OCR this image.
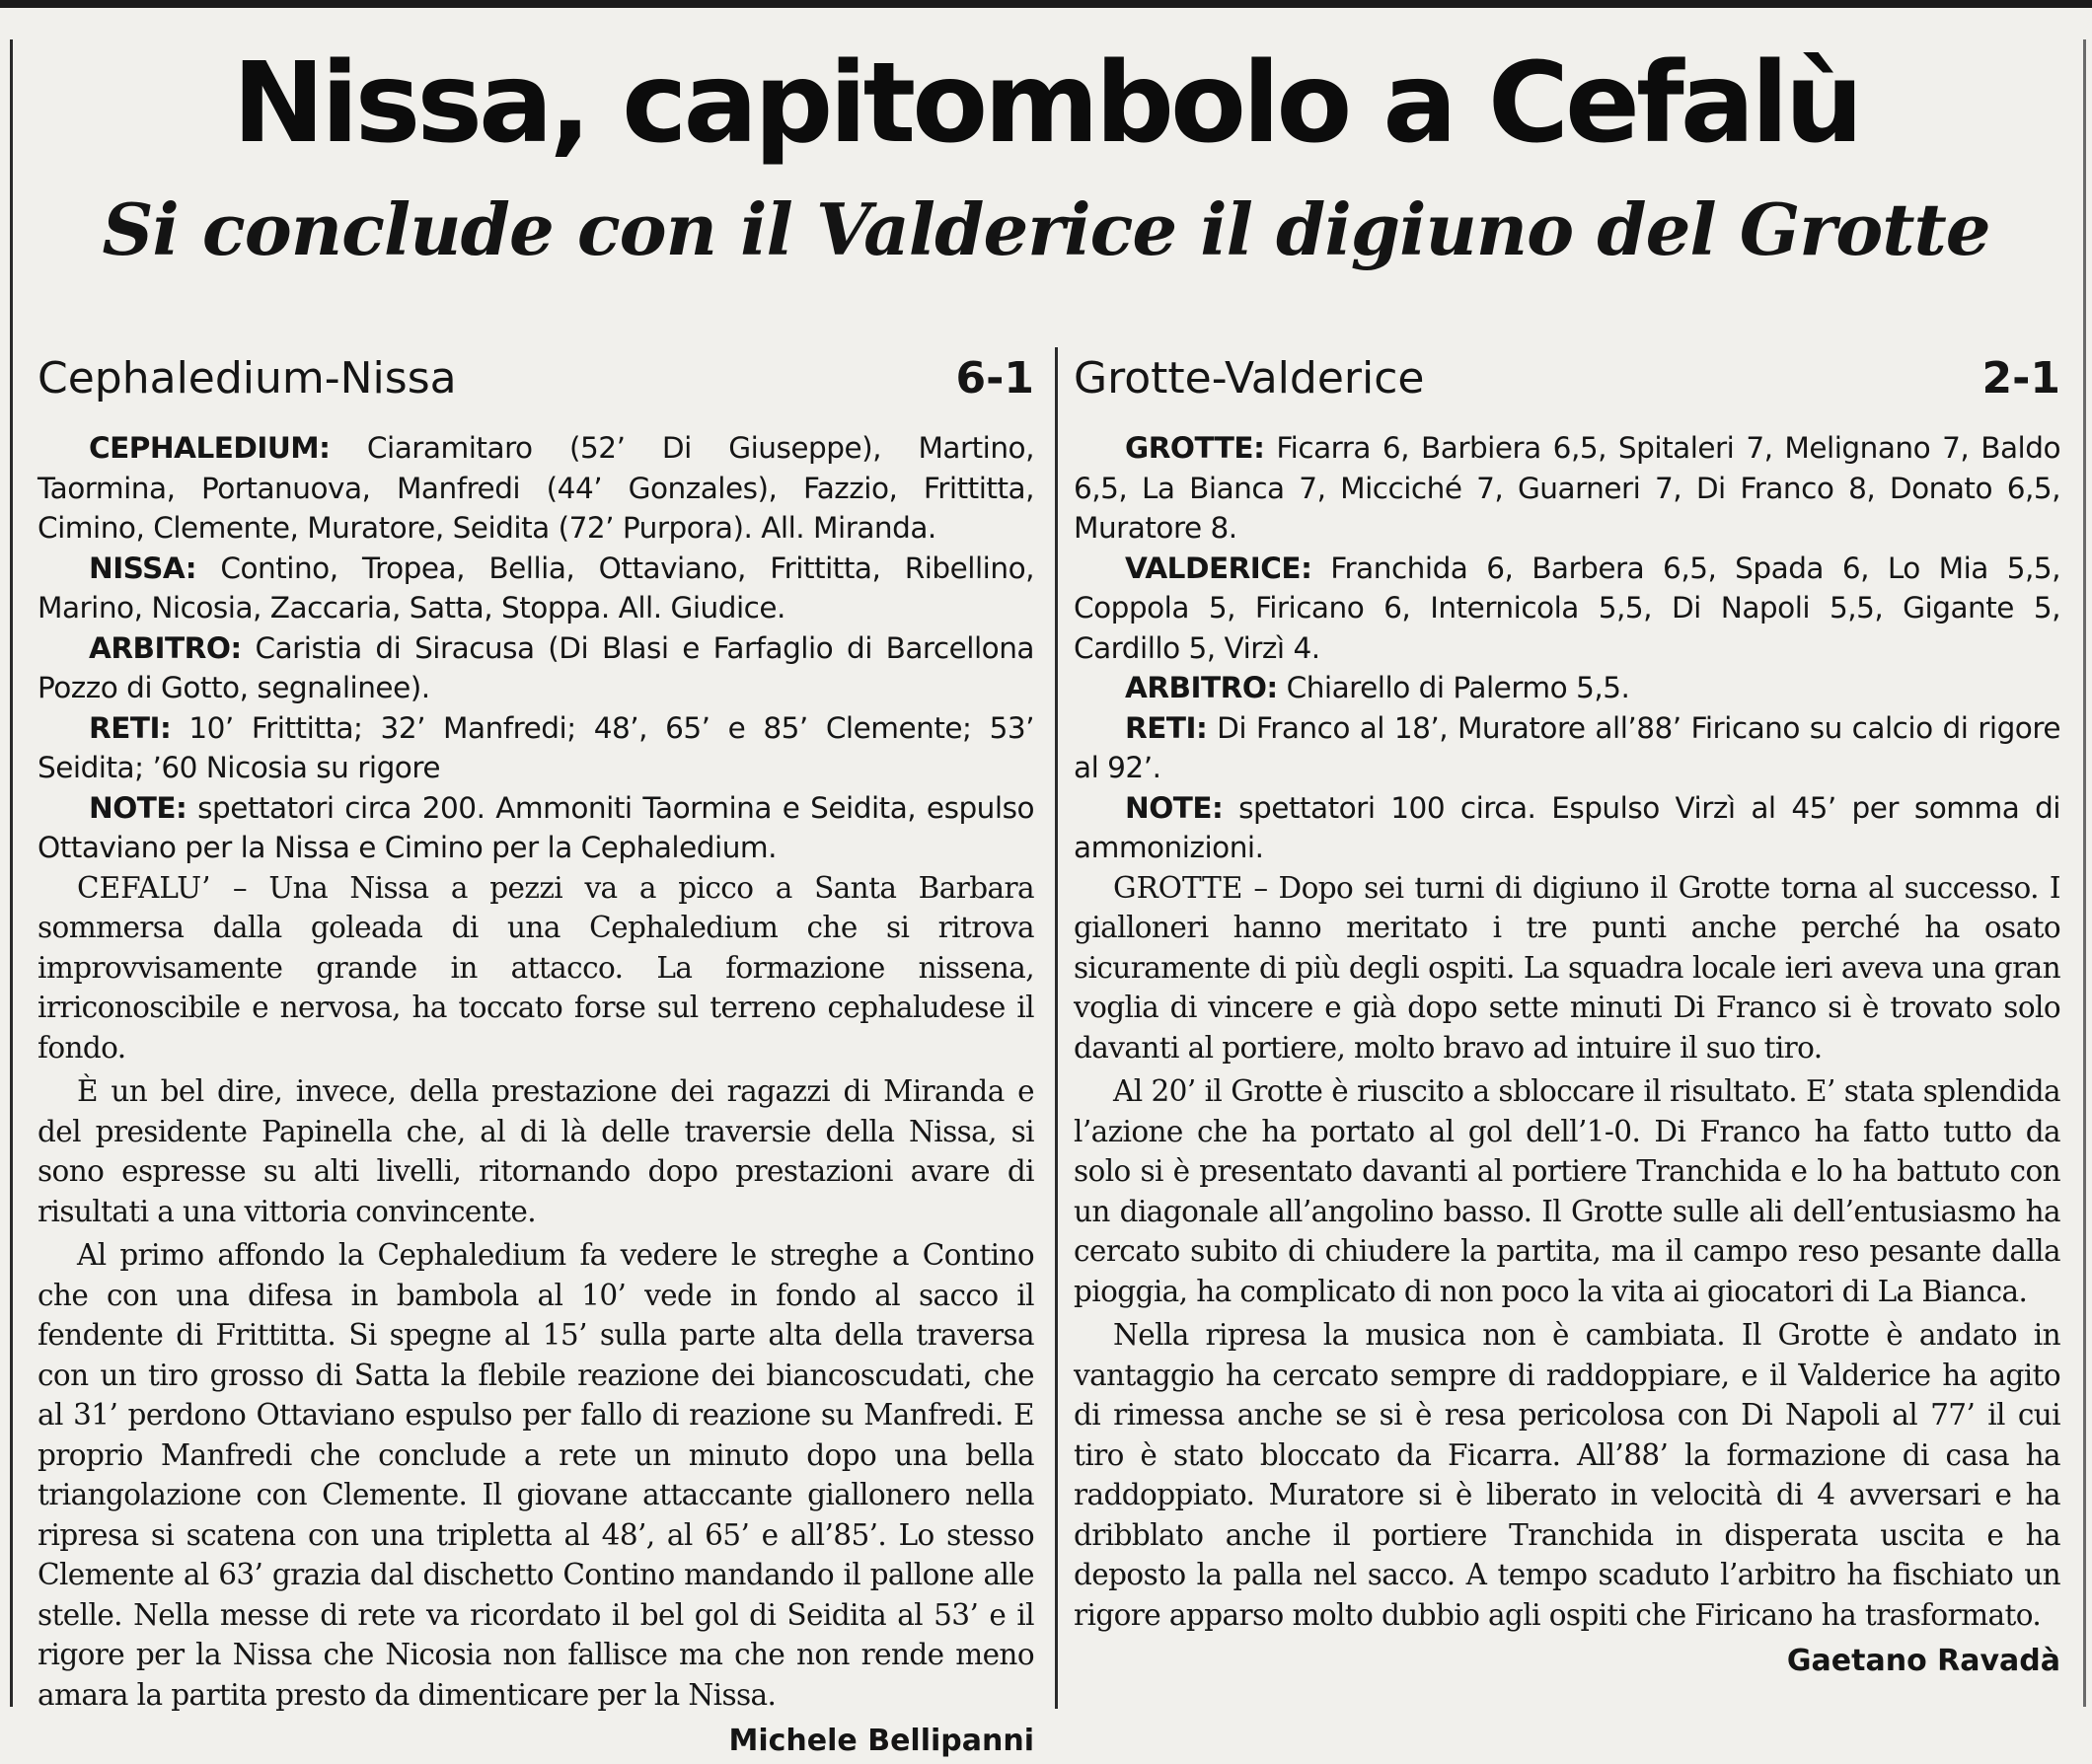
Nissa, capitombolo a Cefalù
Si conclude con il Valderice il digiuno del Grotte
Cephaledium-Nissa	6-1

CEPHALEDIUM: Ciaramitaro (52’ Di Giuseppe), Martino, Taormina, Portanuova, Manfredi (44’ Gonzales), Fazzio, Frittitta, Cimino, Clemente, Muratore, Seidita (72’ Purpora). All. Miranda.

NISSA: Contino, Tropea, Bellia, Ottaviano, Frittitta, Ribellino, Marino, Nicosia, Zaccaria, Satta, Stoppa. All. Giudice.

ARBITRO: Caristia di Siracusa (Di Blasi e Farfaglio di Barcellona Pozzo di Gotto, segnalinee).

RETI: 10’ Frittitta; 32’ Manfredi; 48’, 65’ e 85’ Clemente; 53’ Seidita; ’60 Nicosia su rigore

NOTE: spettatori circa 200. Ammoniti Taormina e Seidita, espulso Ottaviano per la Nissa e Cimino per la Cephaledium.

CEFALU’ – Una Nissa a pezzi va a picco a Santa Barbara sommersa dalla goleada di una Cephaledium che si ritrova improvvisamente grande in attacco. La formazione nissena, irriconoscibile e nervosa, ha toccato forse sul terreno cephaludese il fondo.

È un bel dire, invece, della prestazione dei ragazzi di Miranda e del presidente Papinella che, al di là delle traversie della Nissa, si sono espresse su alti livelli, ritornando dopo prestazioni avare di risultati a una vittoria convincente.

Al primo affondo la Cephaledium fa vedere le streghe a Contino che con una difesa in bambola al 10’ vede in fondo al sacco il fendente di Frittitta. Si spegne al 15’ sulla parte alta della traversa con un tiro grosso di Satta la flebile reazione dei biancoscudati, che al 31’ perdono Ottaviano espulso per fallo di reazione su Manfredi. E proprio Manfredi che conclude a rete un minuto dopo una bella triangolazione con Clemente. Il giovane attaccante giallonero nella ripresa si scatena con una tripletta al 48’, al 65’ e all’85’. Lo stesso Clemente al 63’ grazia dal dischetto Contino mandando il pallone alle stelle. Nella messe di rete va ricordato il bel gol di Seidita al 53’ e il rigore per la Nissa che Nicosia non fallisce ma che non rende meno amara la partita presto da dimenticare per la Nissa.

Michele Bellipanni
Grotte-Valderice	2-1

GROTTE: Ficarra 6, Barbiera 6,5, Spitaleri 7, Melignano 7, Baldo 6,5, La Bianca 7, Micciché 7, Guarneri 7, Di Franco 8, Donato 6,5, Muratore 8.

VALDERICE: Franchida 6, Barbera 6,5, Spada 6, Lo Mia 5,5, Coppola 5, Firicano 6, Internicola 5,5, Di Napoli 5,5, Gigante 5, Cardillo 5, Virzì 4.

ARBITRO: Chiarello di Palermo 5,5.

RETI: Di Franco al 18’, Muratore all’88’ Firicano su calcio di rigore al 92’.

NOTE: spettatori 100 circa. Espulso Virzì al 45’ per somma di ammonizioni.

GROTTE – Dopo sei turni di digiuno il Grotte torna al successo. I gialloneri hanno meritato i tre punti anche perché ha osato sicuramente di più degli ospiti. La squadra locale ieri aveva una gran voglia di vincere e già dopo sette minuti Di Franco si è trovato solo davanti al portiere, molto bravo ad intuire il suo tiro.

Al 20’ il Grotte è riuscito a sbloccare il risultato. E’ stata splendida l’azione che ha portato al gol dell’1-0. Di Franco ha fatto tutto da solo si è presentato davanti al portiere Tranchida e lo ha battuto con un diagonale all’angolino basso. Il Grotte sulle ali dell’entusiasmo ha cercato subito di chiudere la partita, ma il campo reso pesante dalla pioggia, ha complicato di non poco la vita ai giocatori di La Bianca.

Nella ripresa la musica non è cambiata. Il Grotte è andato in vantaggio ha cercato sempre di raddoppiare, e il Valderice ha agito di rimessa anche se si è resa pericolosa con Di Napoli al 77’ il cui tiro è stato bloccato da Ficarra. All’88’ la formazione di casa ha raddoppiato. Muratore si è liberato in velocità di 4 avversari e ha dribblato anche il portiere Tranchida in disperata uscita e ha deposto la palla nel sacco. A tempo scaduto l’arbitro ha fischiato un rigore apparso molto dubbio agli ospiti che Firicano ha trasformato.

Gaetano Ravadà
